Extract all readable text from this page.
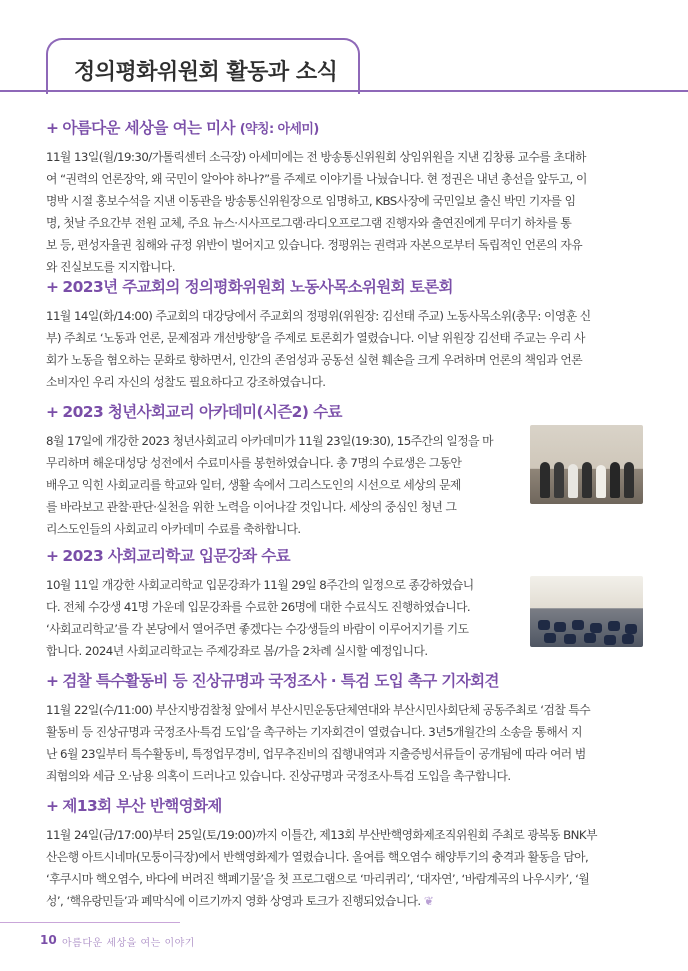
정의평화위원회 활동과 소식
+ 아름다운 세상을 여는 미사 (약칭: 아세미)
11월 13일(월/19:30/가톨릭센터 소극장) 아세미에는 전 방송통신위원회 상임위원을 지낸 김창룡 교수를 초대하
여 “권력의 언론장악, 왜 국민이 알아야 하나?”를 주제로 이야기를 나눴습니다. 현 정권은 내년 총선을 앞두고, 이
명박 시절 홍보수석을 지낸 이동관을 방송통신위원장으로 임명하고, KBS사장에 국민일보 출신 박민 기자를 임
명, 첫날 주요간부 전원 교체, 주요 뉴스·시사프로그램·라디오프로그램 진행자와 출연진에게 무더기 하차를 통
보 등, 편성자율권 침해와 규정 위반이 벌어지고 있습니다. 정평위는 권력과 자본으로부터 독립적인 언론의 자유
와 진실보도를 지지합니다.
+ 2023년 주교회의 정의평화위원회 노동사목소위원회 토론회
11월 14일(화/14:00) 주교회의 대강당에서 주교회의 정평위(위원장: 김선태 주교) 노동사목소위(총무: 이영훈 신
부) 주최로 ‘노동과 언론, 문제점과 개선방향’을 주제로 토론회가 열렸습니다. 이날 위원장 김선태 주교는 우리 사
회가 노동을 혐오하는 문화로 향하면서, 인간의 존엄성과 공동선 실현 훼손을 크게 우려하며 언론의 책임과 언론
소비자인 우리 자신의 성찰도 필요하다고 강조하였습니다.
+ 2023 청년사회교리 아카데미(시즌2) 수료
8월 17일에 개강한 2023 청년사회교리 아카데미가 11월 23일(19:30), 15주간의 일정을 마
무리하며 해운대성당 성전에서 수료미사를 봉헌하였습니다. 총 7명의 수료생은 그동안
배우고 익힌 사회교리를 학교와 일터, 생활 속에서 그리스도인의 시선으로 세상의 문제
를 바라보고 관찰·판단·실천을 위한 노력을 이어나갈 것입니다. 세상의 중심인 청년 그
리스도인들의 사회교리 아카데미 수료를 축하합니다.
+ 2023 사회교리학교 입문강좌 수료
10월 11일 개강한 사회교리학교 입문강좌가 11월 29일 8주간의 일정으로 종강하였습니
다. 전체 수강생 41명 가운데 입문강좌를 수료한 26명에 대한 수료식도 진행하였습니다.
‘사회교리학교’를 각 본당에서 열어주면 좋겠다는 수강생들의 바람이 이루어지기를 기도
합니다. 2024년 사회교리학교는 주제강좌로 봄/가을 2차례 실시할 예정입니다.
+ 검찰 특수활동비 등 진상규명과 국정조사 · 특검 도입 촉구 기자회견
11월 22일(수/11:00) 부산지방검찰청 앞에서 부산시민운동단체연대와 부산시민사회단체 공동주최로 ‘검찰 특수
활동비 등 진상규명과 국정조사·특검 도입’을 촉구하는 기자회견이 열렸습니다. 3년5개월간의 소송을 통해서 지
난 6월 23일부터 특수활동비, 특정업무경비, 업무추진비의 집행내역과 지출증빙서류들이 공개됨에 따라 여러 범
죄혐의와 세금 오·남용 의혹이 드러나고 있습니다. 진상규명과 국정조사·특검 도입을 촉구합니다.
+ 제13회 부산 반핵영화제
11월 24일(금/17:00)부터 25일(토/19:00)까지 이틀간, 제13회 부산반핵영화제조직위원회 주최로 광복동 BNK부
산은행 아트시네마(모퉁이극장)에서 반핵영화제가 열렸습니다. 올여름 핵오염수 해양투기의 충격과 활동을 담아,
‘후쿠시마 핵오염수, 바다에 버려진 핵폐기물’을 첫 프로그램으로 ‘마리퀴리’, ‘대자연’, ‘바람계곡의 나우시카’, ‘월
성’, ‘핵유랑민들’과 폐막식에 이르기까지 영화 상영과 토크가 진행되었습니다. ❦
10 아름다운 세상을 여는 이야기
